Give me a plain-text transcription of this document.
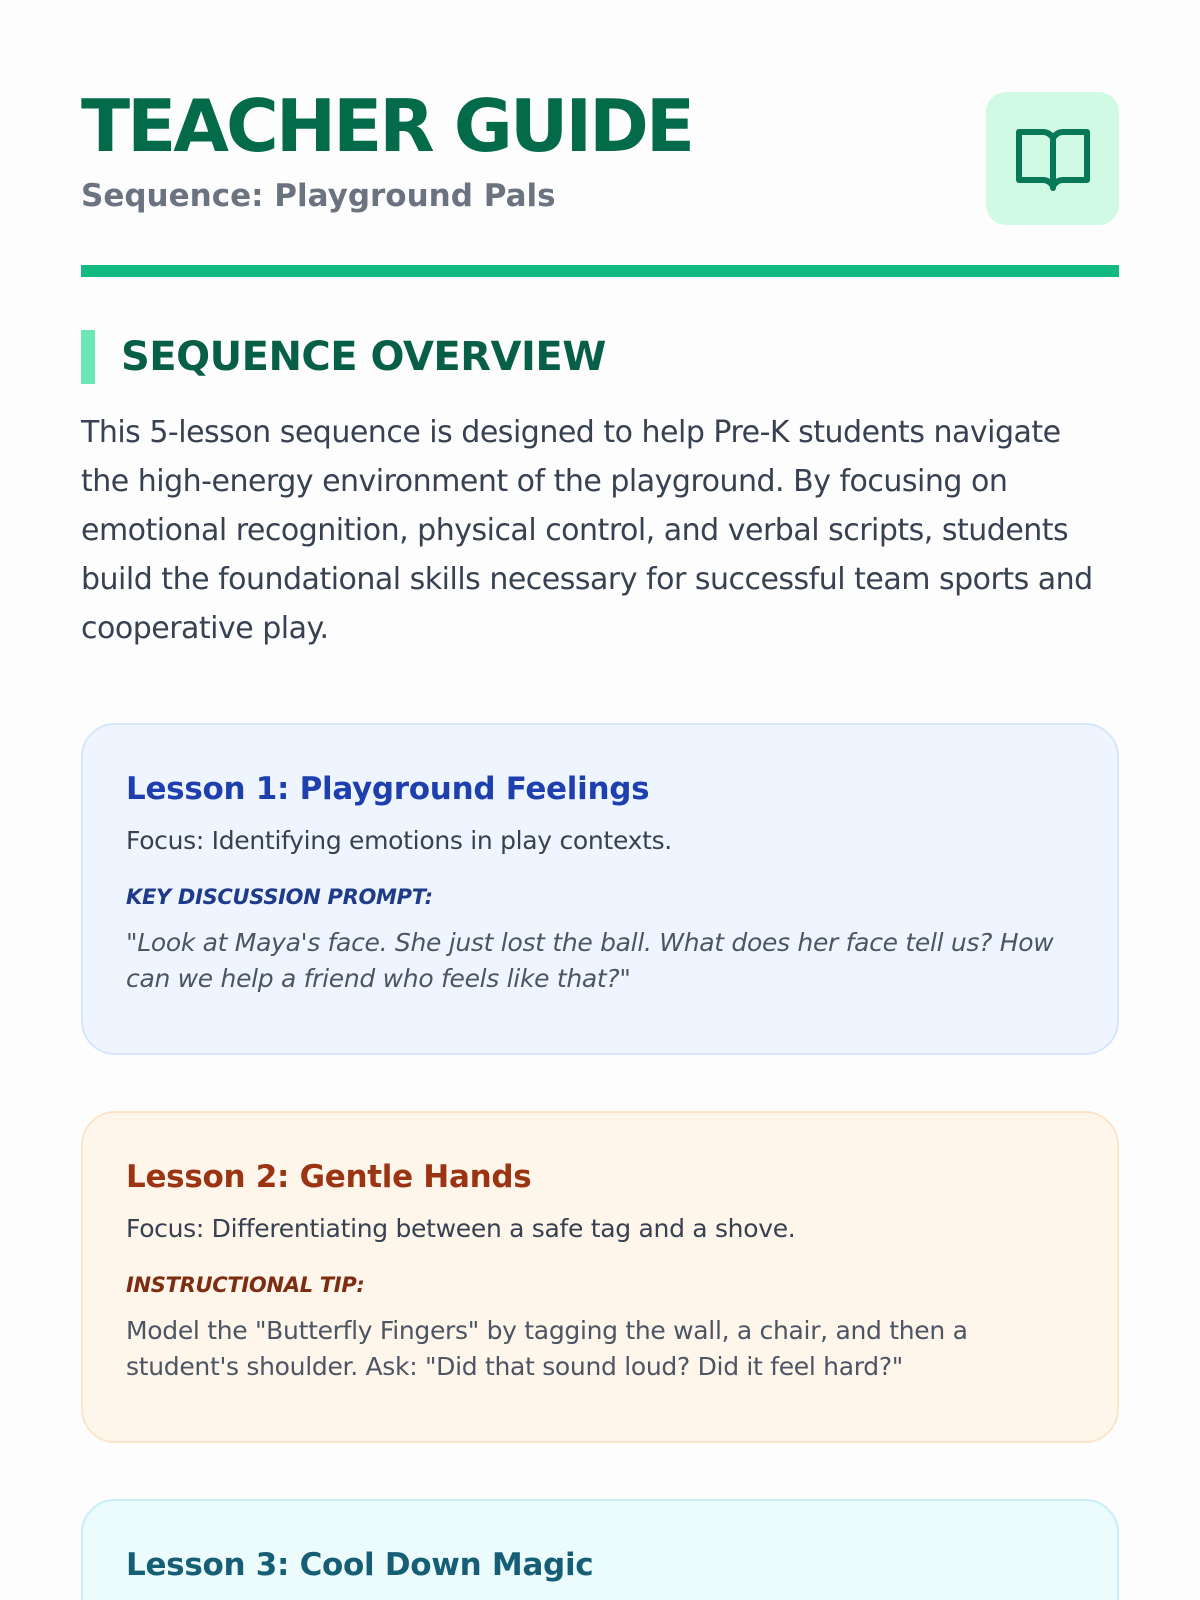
TEACHER GUIDE
Sequence: Playground Pals
SEQUENCE OVERVIEW

This 5-lesson sequence is designed to help Pre-K students navigate the high-energy environment of the playground. By focusing on emotional recognition, physical control, and verbal scripts, students build the foundational skills necessary for successful team sports and cooperative play.

Lesson 1: Playground Feelings
Focus: Identifying emotions in play contexts.
KEY DISCUSSION PROMPT:
"Look at Maya's face. She just lost the ball. What does her face tell us? How can we help a friend who feels like that?"
Lesson 2: Gentle Hands
Focus: Differentiating between a safe tag and a shove.
INSTRUCTIONAL TIP:
Model the "Butterfly Fingers" by tagging the wall, a chair, and then a student's shoulder. Ask: "Did that sound loud? Did it feel hard?"
Lesson 3: Cool Down Magic
